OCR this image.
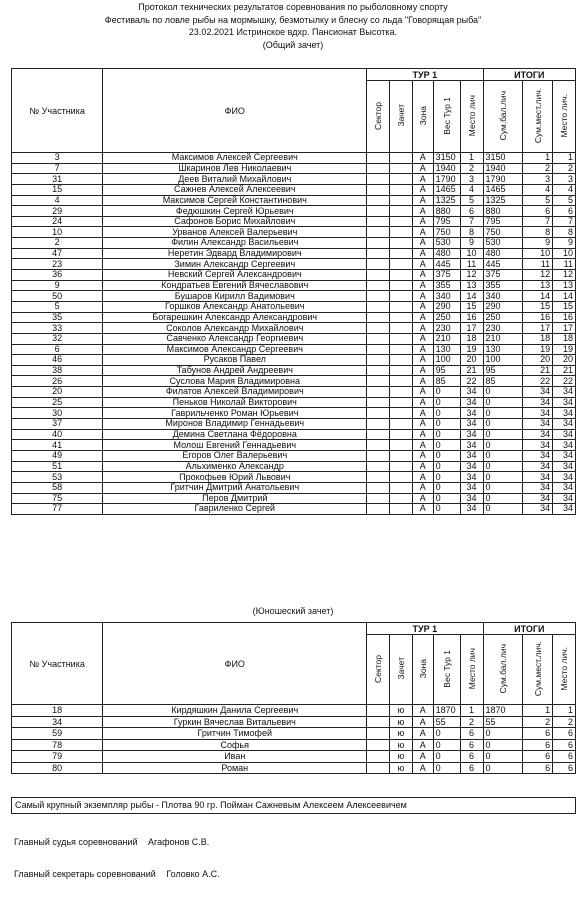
Протокол технических результатов соревнования по рыболовному спорту
Фестиваль по ловле рыбы на мормышку, безмотылку и блесну со льда "Говорящая рыба"
23.02.2021 Истринское вдхр. Пансионат Высотка.
(Общий зачет)
№ Участника	ФИО	ТУР 1					ИТОГИ		
		Сектор	Зачет	Зона	Вес Тур 1	Место лич	Сум.бал.лич	Сум.мест.лич.	Место лич.
3	Максимов Алексей Сергеевич			А	3150	1	3150	1	1
7	Шкаринов Лев Николаевич			А	1940	2	1940	2	2
31	Деев Виталий Михайлович			А	1790	3	1790	3	3
15	Сажнев Алексей Алексеевич			А	1465	4	1465	4	4
4	Максимов Сергей Константинович			А	1325	5	1325	5	5
29	Федюшкин Сергей Юрьевич			А	880	6	880	6	6
24	Сафонов Борис Михайлович			А	795	7	795	7	7
10	Урванов Алексей Валерьевич			А	750	8	750	8	8
2	Филин Александр Васильевич			А	530	9	530	9	9
47	Неретин Эдвард Владимирович			А	480	10	480	10	10
23	Зимин Александр Сергеевич			А	445	11	445	11	11
36	Невский Сергей Александрович			А	375	12	375	12	12
9	Кондратьев Евгений Вячеславович			А	355	13	355	13	13
50	Бушаров Кирилл Вадимович			А	340	14	340	14	14
5	Горшков Александр Анатольевич			А	290	15	290	15	15
35	Богарешкин Александр Александрович			А	250	16	250	16	16
33	Соколов Александр Михайлович			А	230	17	230	17	17
32	Савченко Александр Георгиевич			А	210	18	210	18	18
6	Максимов Александр Сергеевич			А	130	19	130	19	19
46	Русаков Павел			А	100	20	100	20	20
38	Табунов Андрей Андреевич			А	95	21	95	21	21
26	Суслова Мария Владимировна			А	85	22	85	22	22
20	Филатов Алексей Владимирович			А	0	34	0	34	34
25	Пеньков Николай Викторович			А	0	34	0	34	34
30	Гаврильченко Роман Юрьевич			А	0	34	0	34	34
37	Миронов Владимир Геннадьевич			А	0	34	0	34	34
40	Демина Светлана Фёдоровна			А	0	34	0	34	34
41	Молош Евгений Геннадьевич			А	0	34	0	34	34
49	Егоров Олег Валерьевич			А	0	34	0	34	34
51	Альхименко Александр			А	0	34	0	34	34
53	Прокофьев Юрий Львович			А	0	34	0	34	34
58	Гритчин Дмитрий Анатольевич			А	0	34	0	34	34
75	Перов Дмитрий			А	0	34	0	34	34
77	Гавриленко Сергей			А	0	34	0	34	34
(Юношеский зачет)
№ Участника	ФИО	ТУР 1					ИТОГИ		
		Сектор	Зачет	Зона	Вес Тур 1	Место лич	Сум.бал.лич	Сум.мест.лич.	Место лич.
18	Кирдяшкин Данила Сергеевич		ю	А	1870	1	1870	1	1
34	Гуркин Вячеслав Витальевич		ю	А	55	2	55	2	2
59	Гритчин Тимофей		ю	А	0	6	0	6	6
78	Софья		ю	А	0	6	0	6	6
79	Иван		ю	А	0	6	0	6	6
80	Роман		ю	А	0	6	0	6	6
Самый крупный экземпляр рыбы - Плотва 90 гр. Пойман Сажневым Алексеем Алексеевичем
Главный судья соревнований Агафонов С.В.
Главный секретарь соревнований Головко А.С.
